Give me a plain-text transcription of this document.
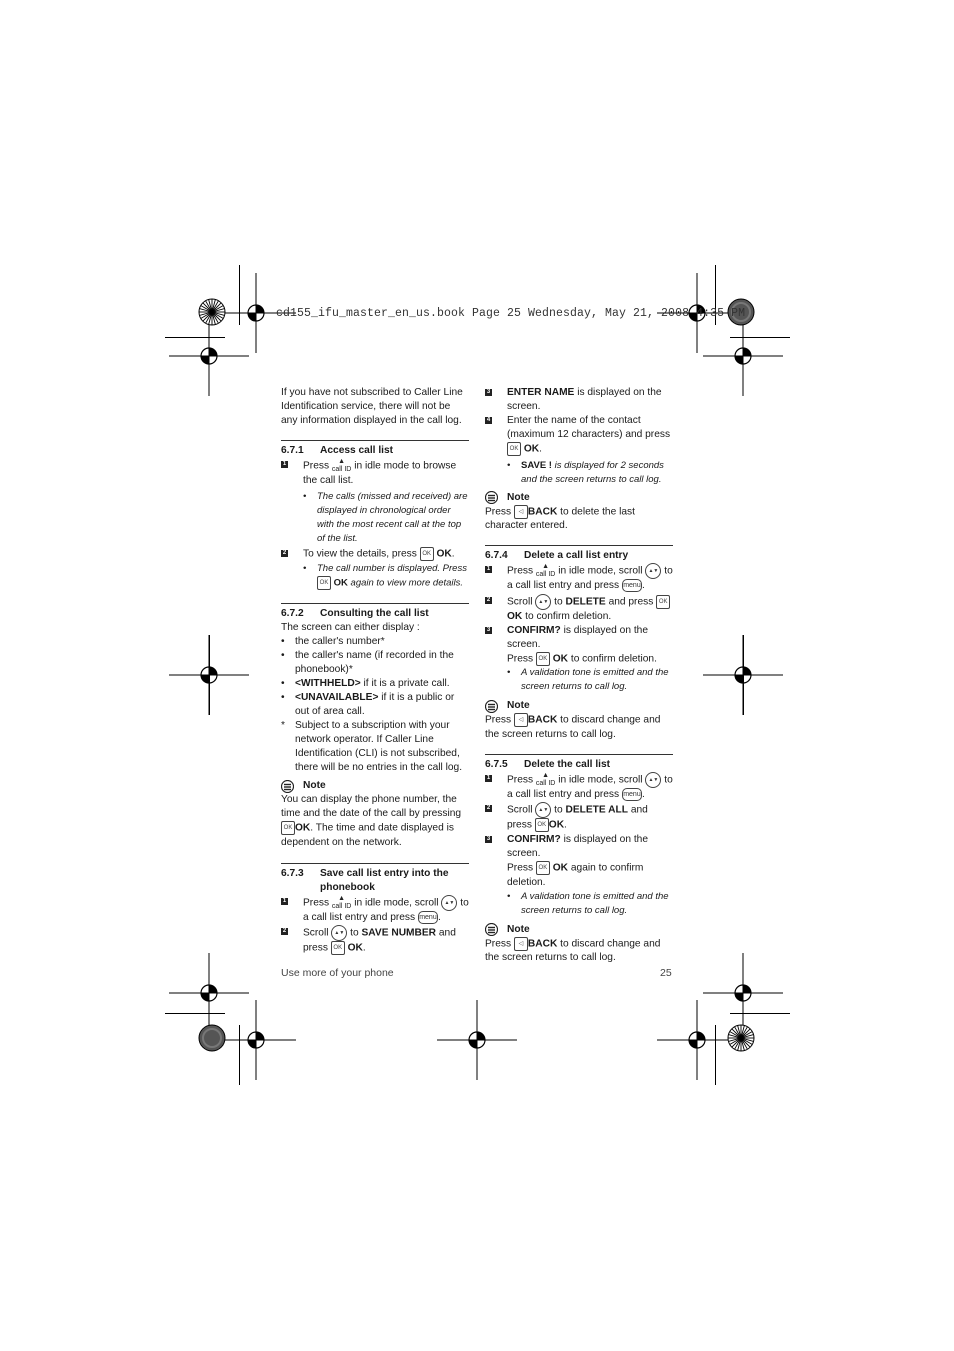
cd155_ifu_master_en_us.book Page 25 Wednesday, May 21, 2008 4:35 PM

If you have not subscribed to Caller Line Identification service, there will not be any information displayed in the call log.

6.7.1	Access call list
1 Press ▲
call ID in idle mode to browse the call list.
•	The calls (missed and received) are displayed in chronological order with the most recent call at the top of the list.
2 To view the details, press OK OK.
•	The call number is displayed. Press OK OK again to view more details.
6.7.2	Consulting the call list

The screen can either display :

•	the caller's number*
•	the caller's name (if recorded in the phonebook)*
•	<WITHHELD> if it is a private call.
•	<UNAVAILABLE> if it is a public or out of area call.
* Subject to a subscription with your network operator. If Caller Line Identification (CLI) is not subscribed, there will be no entries in the call log.
Note

You can display the phone number, the time and the date of the call by pressing OK OK. The time and date displayed is dependent on the network.

6.7.3	Save call list entry into the phonebook
1 Press ▲
call ID in idle mode, scroll ▲▼ to a call list entry and press menu.
2 Scroll ▲▼ to SAVE NUMBER and press OK OK.
3 ENTER NAME is displayed on the screen.
4 Enter the name of the contact (maximum 12 characters) and press OK OK.
•	SAVE ! is displayed for 2 seconds and the screen returns to call log.
Note

Press ◁ BACK to delete the last character entered.

6.7.4	Delete a call list entry
1 Press ▲
call ID in idle mode, scroll ▲▼ to a call list entry and press menu.
2 Scroll ▲▼ to DELETE and press OKOK to confirm deletion.
3 CONFIRM? is displayed on the screen.
Press OK OK to confirm deletion.
•	A validation tone is emitted and the screen returns to call log.
Note

Press ◁ BACK to discard change and the screen returns to call log.

6.7.5	Delete the call list
1 Press ▲
call ID in idle mode, scroll ▲▼ to a call list entry and press menu.
2 Scroll ▲▼ to DELETE ALL and press OK OK.
3 CONFIRM? is displayed on the screen.
Press OK OK again to confirm deletion.
•	A validation tone is emitted and the screen returns to call log.
Note

Press ◁ BACK to discard change and the screen returns to call log.

Use more of your phone	25
